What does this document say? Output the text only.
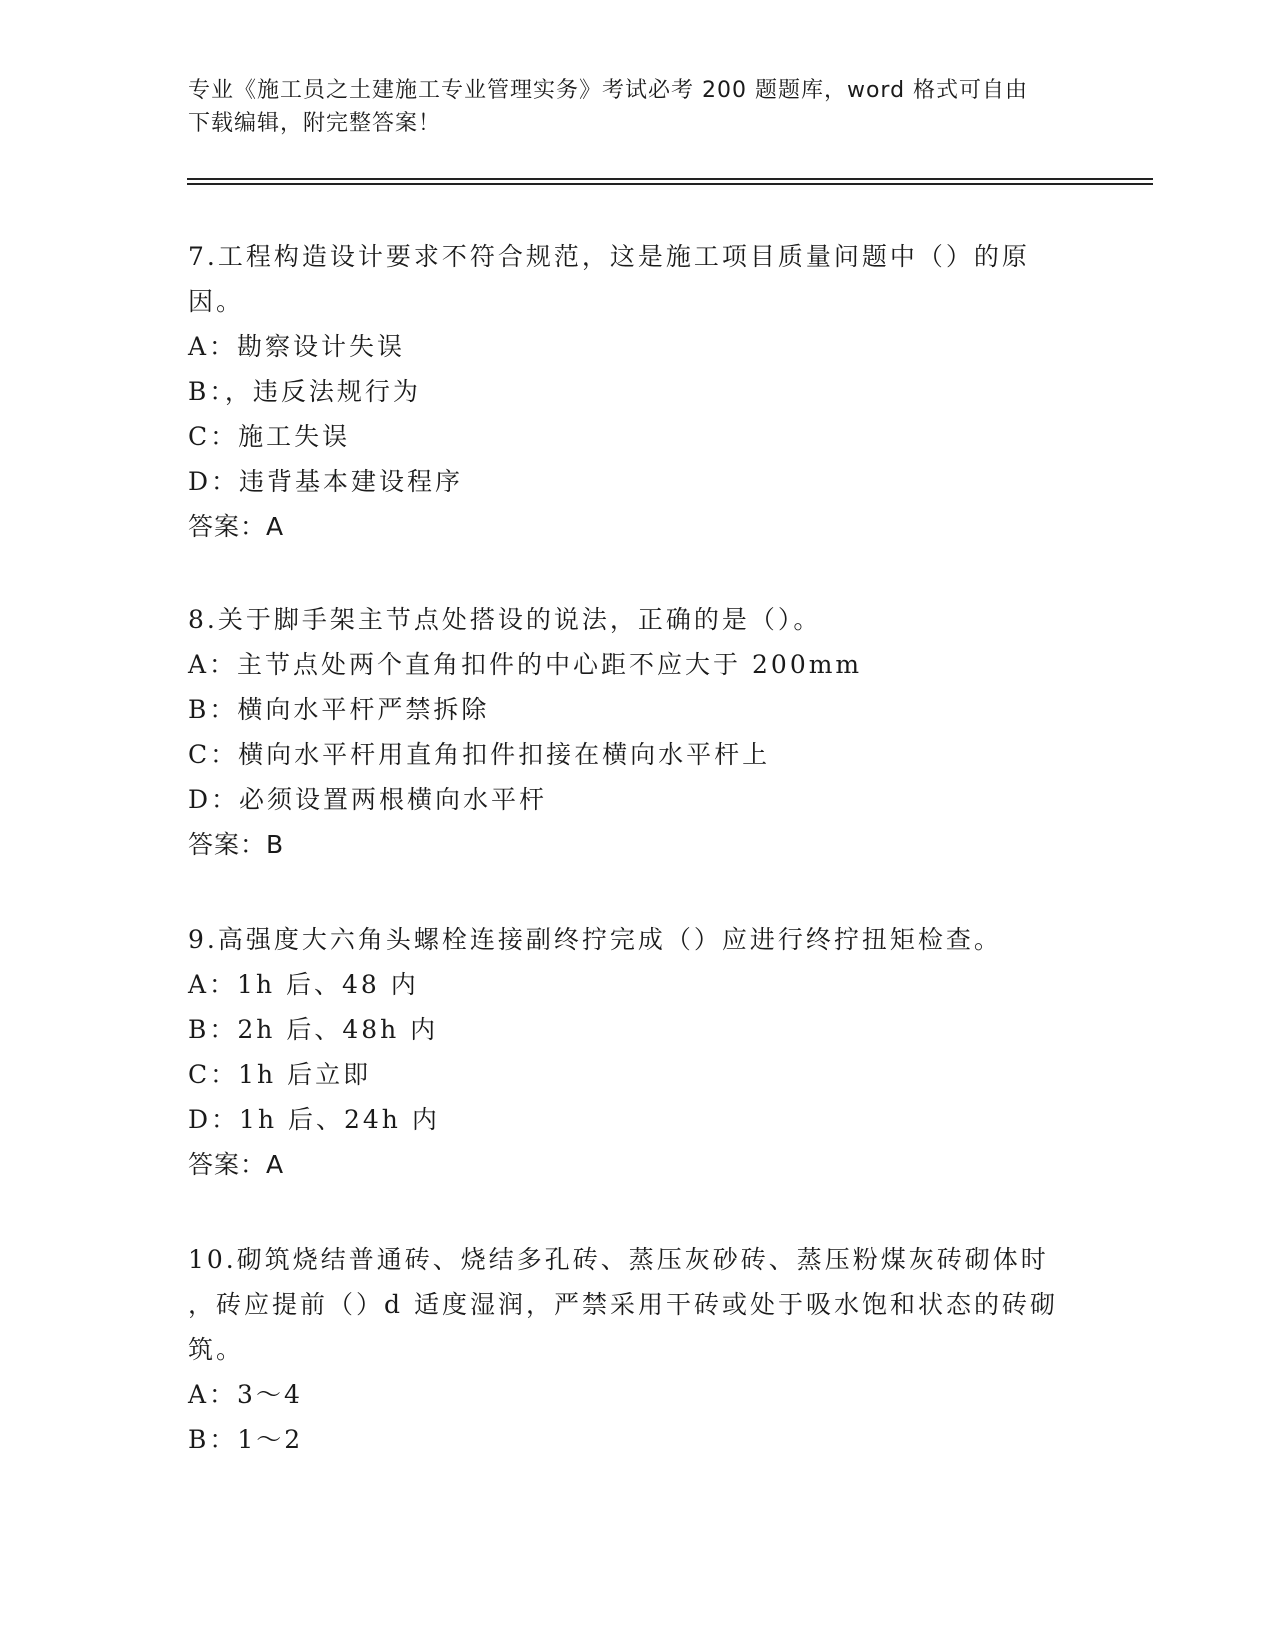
专业《施工员之土建施工专业管理实务》考试必考 200 题题库，word 格式可自由
下载编辑，附完整答案！

7.工程构造设计要求不符合规范，这是施工项目质量问题中（）的原

因。

A：勘察设计失误

B：，违反法规行为

C：施工失误

D：违背基本建设程序

答案：A

8.关于脚手架主节点处搭设的说法，正确的是（）。

A：主节点处两个直角扣件的中心距不应大于 200mm

B：横向水平杆严禁拆除

C：横向水平杆用直角扣件扣接在横向水平杆上

D：必须设置两根横向水平杆

答案：B

9.高强度大六角头螺栓连接副终拧完成（）应进行终拧扭矩检查。

A：1h 后、48 内

B：2h 后、48h 内

C：1h 后立即

D：1h 后、24h 内

答案：A

10.砌筑烧结普通砖、烧结多孔砖、蒸压灰砂砖、蒸压粉煤灰砖砌体时

，砖应提前（）d 适度湿润，严禁采用干砖或处于吸水饱和状态的砖砌

筑。

A：3～4

B：1～2
